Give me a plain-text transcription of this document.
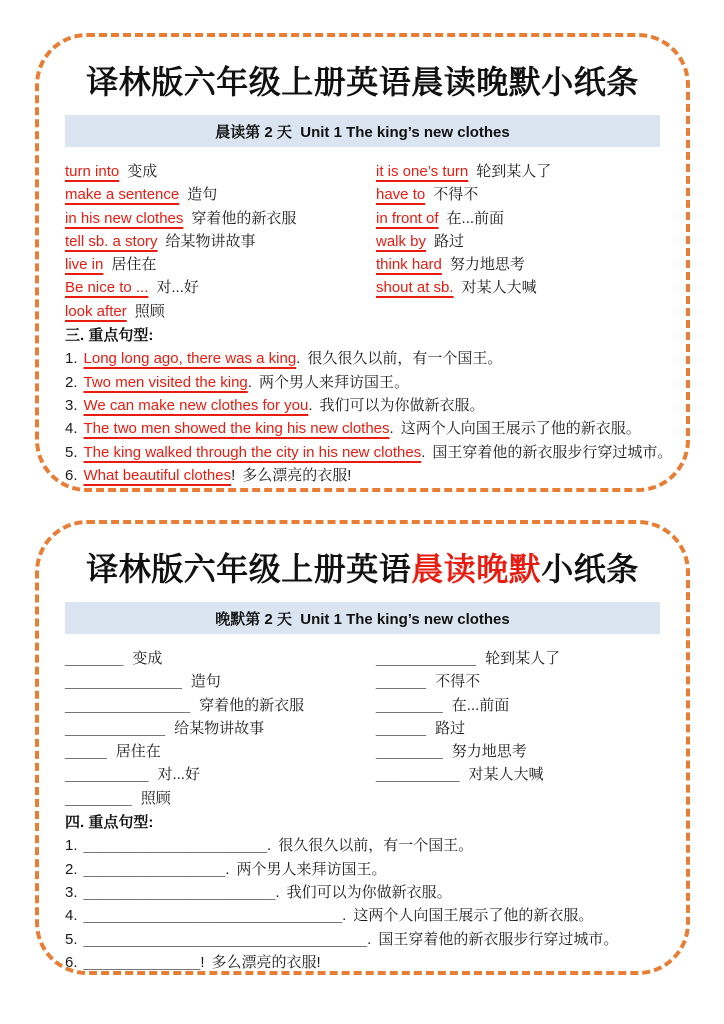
译林版六年级上册英语晨读晚默小纸条
晨读第 2 天  Unit 1 The king’s new clothes
turn into 变成
make a sentence 造句
in his new clothes 穿着他的新衣服
tell sb. a story 给某物讲故事
live in 居住在
Be nice to ... 对...好
look after 照顾
it is one’s turn 轮到某人了
have to 不得不
in front of 在...前面
walk by 路过
think hard 努力地思考
shout at sb. 对某人大喊
三. 重点句型:
1. Long long ago, there was a king. 很久很久以前，有一个国王。
2. Two men visited the king. 两个男人来拜访国王。
3. We can make new clothes for you. 我们可以为你做新衣服。
4. The two men showed the king his new clothes. 这两个人向国王展示了他的新衣服。
5. The king walked through the city in his new clothes. 国王穿着他的新衣服步行穿过城市。
6. What beautiful clothes! 多么漂亮的衣服!
译林版六年级上册英语晨读晚默小纸条
晚默第 2 天  Unit 1 The king’s new clothes
_______ 变成
______________ 造句
_______________ 穿着他的新衣服
____________ 给某物讲故事
_____ 居住在
__________ 对...好
________ 照顾
____________ 轮到某人了
______ 不得不
________ 在...前面
______ 路过
________ 努力地思考
__________ 对某人大喊
四. 重点句型:
1. ______________________. 很久很久以前，有一个国王。
2. _________________. 两个男人来拜访国王。
3. _______________________. 我们可以为你做新衣服。
4. _______________________________. 这两个人向国王展示了他的新衣服。
5. __________________________________. 国王穿着他的新衣服步行穿过城市。
6. ______________! 多么漂亮的衣服!
